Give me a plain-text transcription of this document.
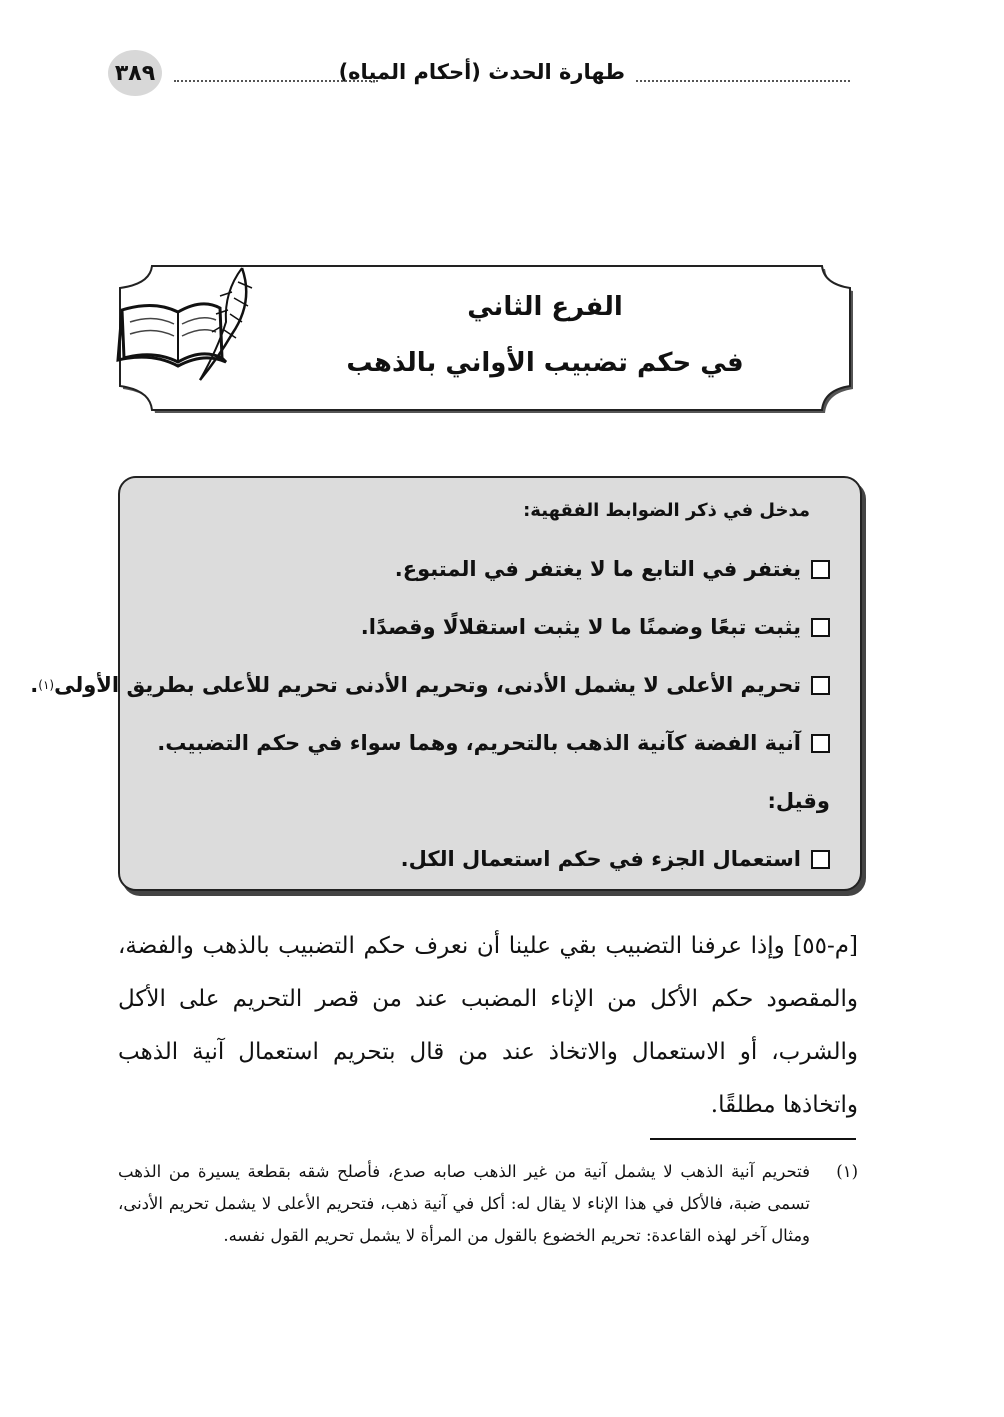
طهارة الحدث (أحكام المياه)
٣٨٩
الفرع الثاني
في حكم تضبيب الأواني بالذهب
مدخل في ذكر الضوابط الفقهية:
يغتفر في التابع ما لا يغتفر في المتبوع.
يثبت تبعًا وضمنًا ما لا يثبت استقلالًا وقصدًا.
تحريم الأعلى لا يشمل الأدنى، وتحريم الأدنى تحريم للأعلى بطريق الأولى
(١)
.
آنية الفضة كآنية الذهب بالتحريم، وهما سواء في حكم التضبيب.
وقيل:
استعمال الجزء في حكم استعمال الكل.
[م-٥٥] وإذا عرفنا التضبيب بقي علينا أن نعرف حكم التضبيب بالذهب والفضة، والمقصود حكم الأكل من الإناء المضبب عند من قصر التحريم على الأكل والشرب، أو الاستعمال والاتخاذ عند من قال بتحريم استعمال آنية الذهب واتخاذها مطلقًا.
(١)
فتحريم آنية الذهب لا يشمل آنية من غير الذهب صابه صدع، فأصلح شقه بقطعة يسيرة من الذهب تسمى ضبة، فالأكل في هذا الإناء لا يقال له: أكل في آنية ذهب، فتحريم الأعلى لا يشمل تحريم الأدنى، ومثال آخر لهذه القاعدة: تحريم الخضوع بالقول من المرأة لا يشمل تحريم القول نفسه.
